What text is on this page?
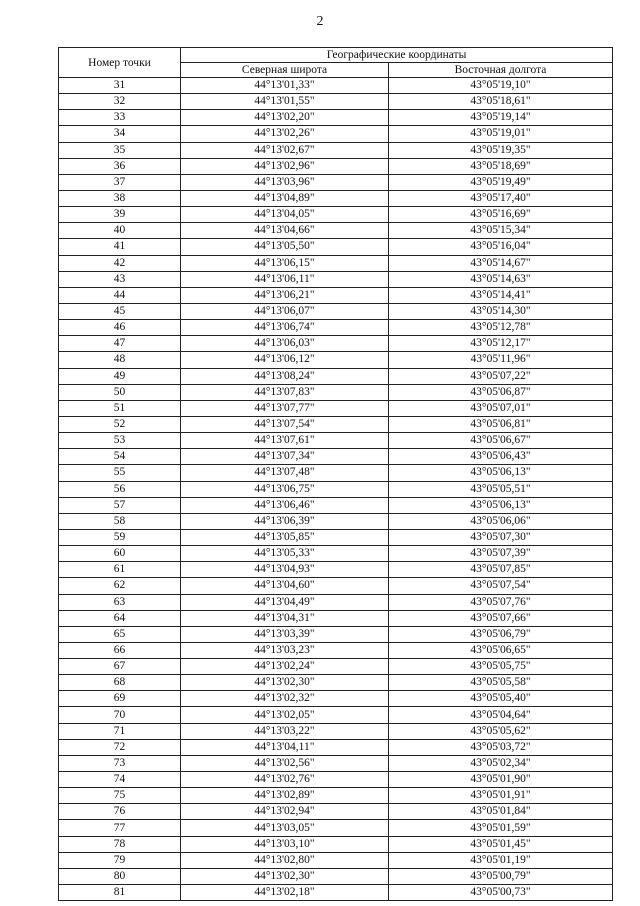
2
Номер точки	Географические координаты	
	Северная широта	Восточная долгота
31	44°13'01,33"	43°05'19,10"
32	44°13'01,55"	43°05'18,61"
33	44°13'02,20"	43°05'19,14"
34	44°13'02,26"	43°05'19,01"
35	44°13'02,67"	43°05'19,35"
36	44°13'02,96"	43°05'18,69"
37	44°13'03,96"	43°05'19,49"
38	44°13'04,89"	43°05'17,40"
39	44°13'04,05"	43°05'16,69"
40	44°13'04,66"	43°05'15,34"
41	44°13'05,50"	43°05'16,04"
42	44°13'06,15"	43°05'14,67"
43	44°13'06,11"	43°05'14,63"
44	44°13'06,21"	43°05'14,41"
45	44°13'06,07"	43°05'14,30"
46	44°13'06,74"	43°05'12,78"
47	44°13'06,03"	43°05'12,17"
48	44°13'06,12"	43°05'11,96"
49	44°13'08,24"	43°05'07,22"
50	44°13'07,83"	43°05'06,87"
51	44°13'07,77"	43°05'07,01"
52	44°13'07,54"	43°05'06,81"
53	44°13'07,61"	43°05'06,67"
54	44°13'07,34"	43°05'06,43"
55	44°13'07,48"	43°05'06,13"
56	44°13'06,75"	43°05'05,51"
57	44°13'06,46"	43°05'06,13"
58	44°13'06,39"	43°05'06,06"
59	44°13'05,85"	43°05'07,30"
60	44°13'05,33"	43°05'07,39"
61	44°13'04,93"	43°05'07,85"
62	44°13'04,60"	43°05'07,54"
63	44°13'04,49"	43°05'07,76"
64	44°13'04,31"	43°05'07,66"
65	44°13'03,39"	43°05'06,79"
66	44°13'03,23"	43°05'06,65"
67	44°13'02,24"	43°05'05,75"
68	44°13'02,30"	43°05'05,58"
69	44°13'02,32"	43°05'05,40"
70	44°13'02,05"	43°05'04,64"
71	44°13'03,22"	43°05'05,62"
72	44°13'04,11"	43°05'03,72"
73	44°13'02,56"	43°05'02,34"
74	44°13'02,76"	43°05'01,90"
75	44°13'02,89"	43°05'01,91"
76	44°13'02,94"	43°05'01,84"
77	44°13'03,05"	43°05'01,59"
78	44°13'03,10"	43°05'01,45"
79	44°13'02,80"	43°05'01,19"
80	44°13'02,30"	43°05'00,79"
81	44°13'02,18"	43°05'00,73"
